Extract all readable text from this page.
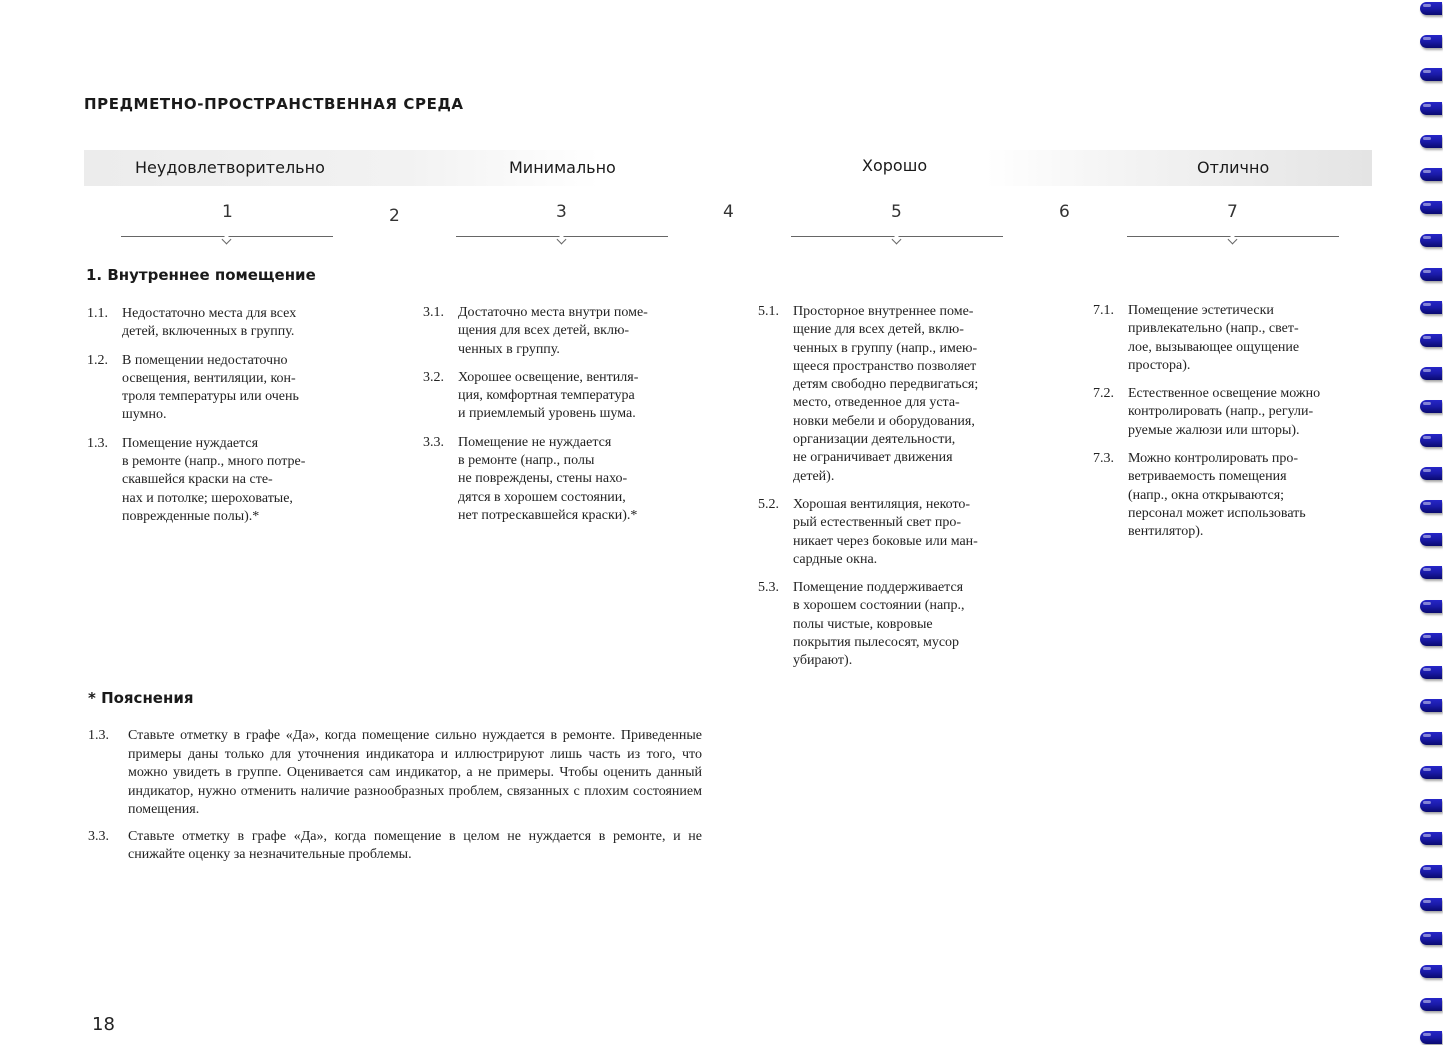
ПРЕДМЕТНО-ПРОСТРАНСТВЕННАЯ СРЕДА
Неудовлетворительно	Минимально	Хорошо	Отлично
1	2	3	4	5	6	7
1. Внутреннее помещение
1.1. Недостаточно места для всех
детей, включенных в группу.
1.2. В помещении недостаточно
освещения, вентиляции, кон-
троля температуры или очень
шумно.
1.3. Помещение нуждается
в ремонте (напр., много потре-
скавшейся краски на сте-
нах и потолке; шероховатые,
поврежденные полы).*
3.1. Достаточно места внутри поме-
щения для всех детей, вклю-
ченных в группу.
3.2. Хорошее освещение, вентиля-
ция, комфортная температура
и приемлемый уровень шума.
3.3. Помещение не нуждается
в ремонте (напр., полы
не повреждены, стены нахо-
дятся в хорошем состоянии,
нет потрескавшейся краски).*
5.1. Просторное внутреннее поме-
щение для всех детей, вклю-
ченных в группу (напр., имею-
щееся пространство позволяет
детям свободно передвигаться;
место, отведенное для уста-
новки мебели и оборудования,
организации деятельности,
не ограничивает движения
детей).
5.2. Хорошая вентиляция, некото-
рый естественный свет про-
никает через боковые или ман-
сардные окна.
5.3. Помещение поддерживается
в хорошем состоянии (напр.,
полы чистые, ковровые
покрытия пылесосят, мусор
убирают).
7.1. Помещение эстетически
привлекательно (напр., свет-
лое, вызывающее ощущение
простора).
7.2. Естественное освещение можно
контролировать (напр., регули-
руемые жалюзи или шторы).
7.3. Можно контролировать про-
ветриваемость помещения
(напр., окна открываются;
персонал может использовать
вентилятор).
* Пояснения
1.3. Ставьте отметку в графе «Да», когда помещение сильно нуждается в ремонте. Приведенные примеры даны только для уточнения индикатора и иллюстрируют лишь часть из того, что можно увидеть в группе. Оценивается сам индикатор, а не примеры. Чтобы оценить данный индикатор, нужно отменить наличие разнообразных проблем, связанных с плохим состоянием помещения.
3.3. Ставьте отметку в графе «Да», когда помещение в целом не нуждается в ремонте, и не снижайте оценку за незначительные проблемы.
18
